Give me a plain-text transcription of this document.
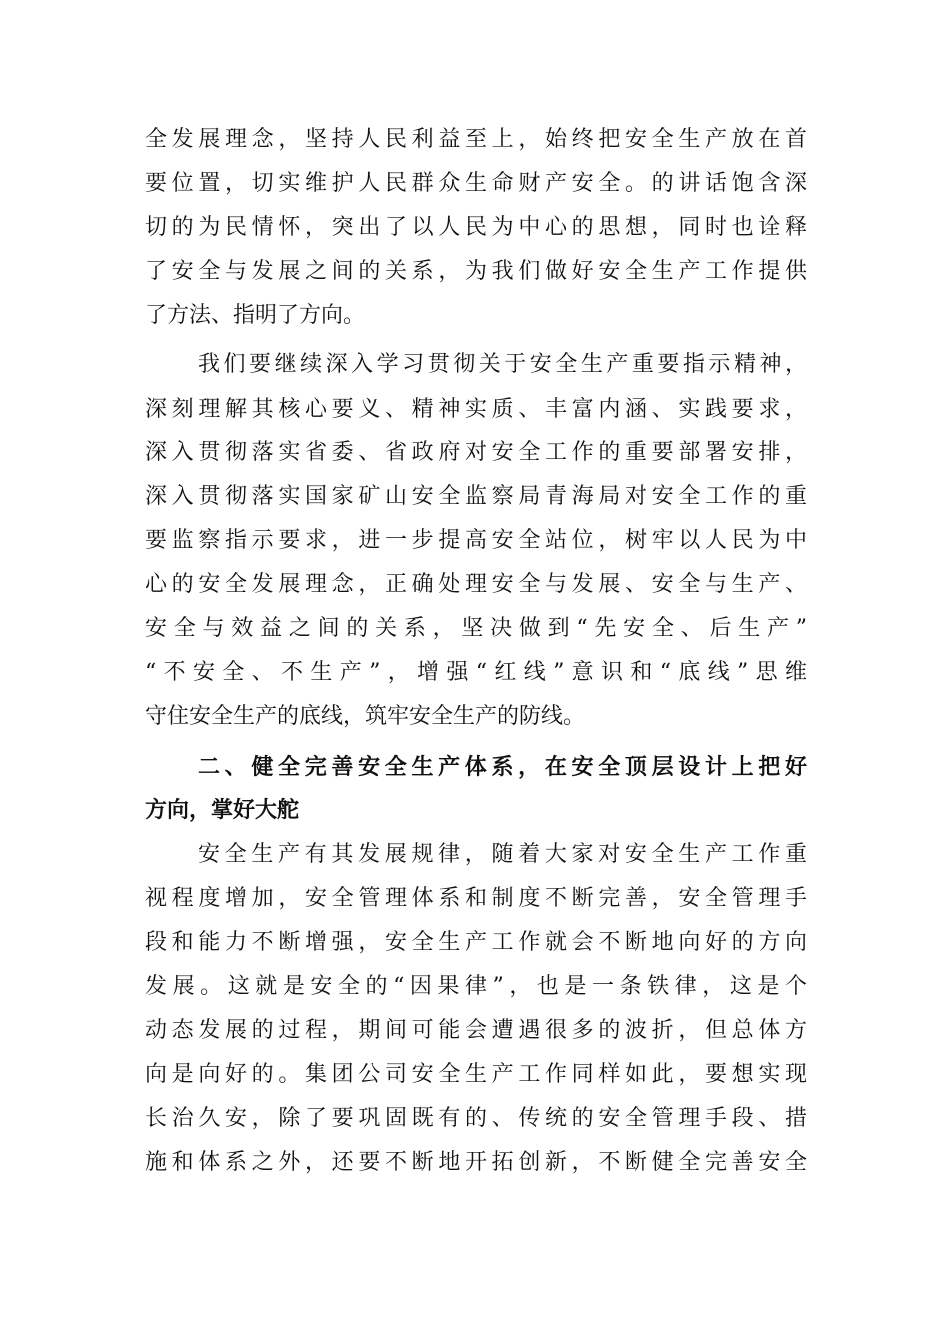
全发展理念，坚持人民利益至上，始终把安全生产放在首
要位置，切实维护人民群众生命财产安全。的讲话饱含深
切的为民情怀，突出了以人民为中心的思想，同时也诠释
了安全与发展之间的关系，为我们做好安全生产工作提供
了方法、指明了方向。
我们要继续深入学习贯彻关于安全生产重要指示精神，
深刻理解其核心要义、精神实质、丰富内涵、实践要求，
深入贯彻落实省委、省政府对安全工作的重要部署安排，
深入贯彻落实国家矿山安全监察局青海局对安全工作的重
要监察指示要求，进一步提高安全站位，树牢以人民为中
心的安全发展理念，正确处理安全与发展、安全与生产、
安全与效益之间的关系，坚决做到“先安全、后生产”
“不安全、不生产”，增强“红线”意识和“底线”思维
守住安全生产的底线，筑牢安全生产的防线。
二、健全完善安全生产体系，在安全顶层设计上把好
方向，掌好大舵
安全生产有其发展规律，随着大家对安全生产工作重
视程度增加，安全管理体系和制度不断完善，安全管理手
段和能力不断增强，安全生产工作就会不断地向好的方向
发展。这就是安全的“因果律”，也是一条铁律，这是个
动态发展的过程，期间可能会遭遇很多的波折，但总体方
向是向好的。集团公司安全生产工作同样如此，要想实现
长治久安，除了要巩固既有的、传统的安全管理手段、措
施和体系之外，还要不断地开拓创新，不断健全完善安全
